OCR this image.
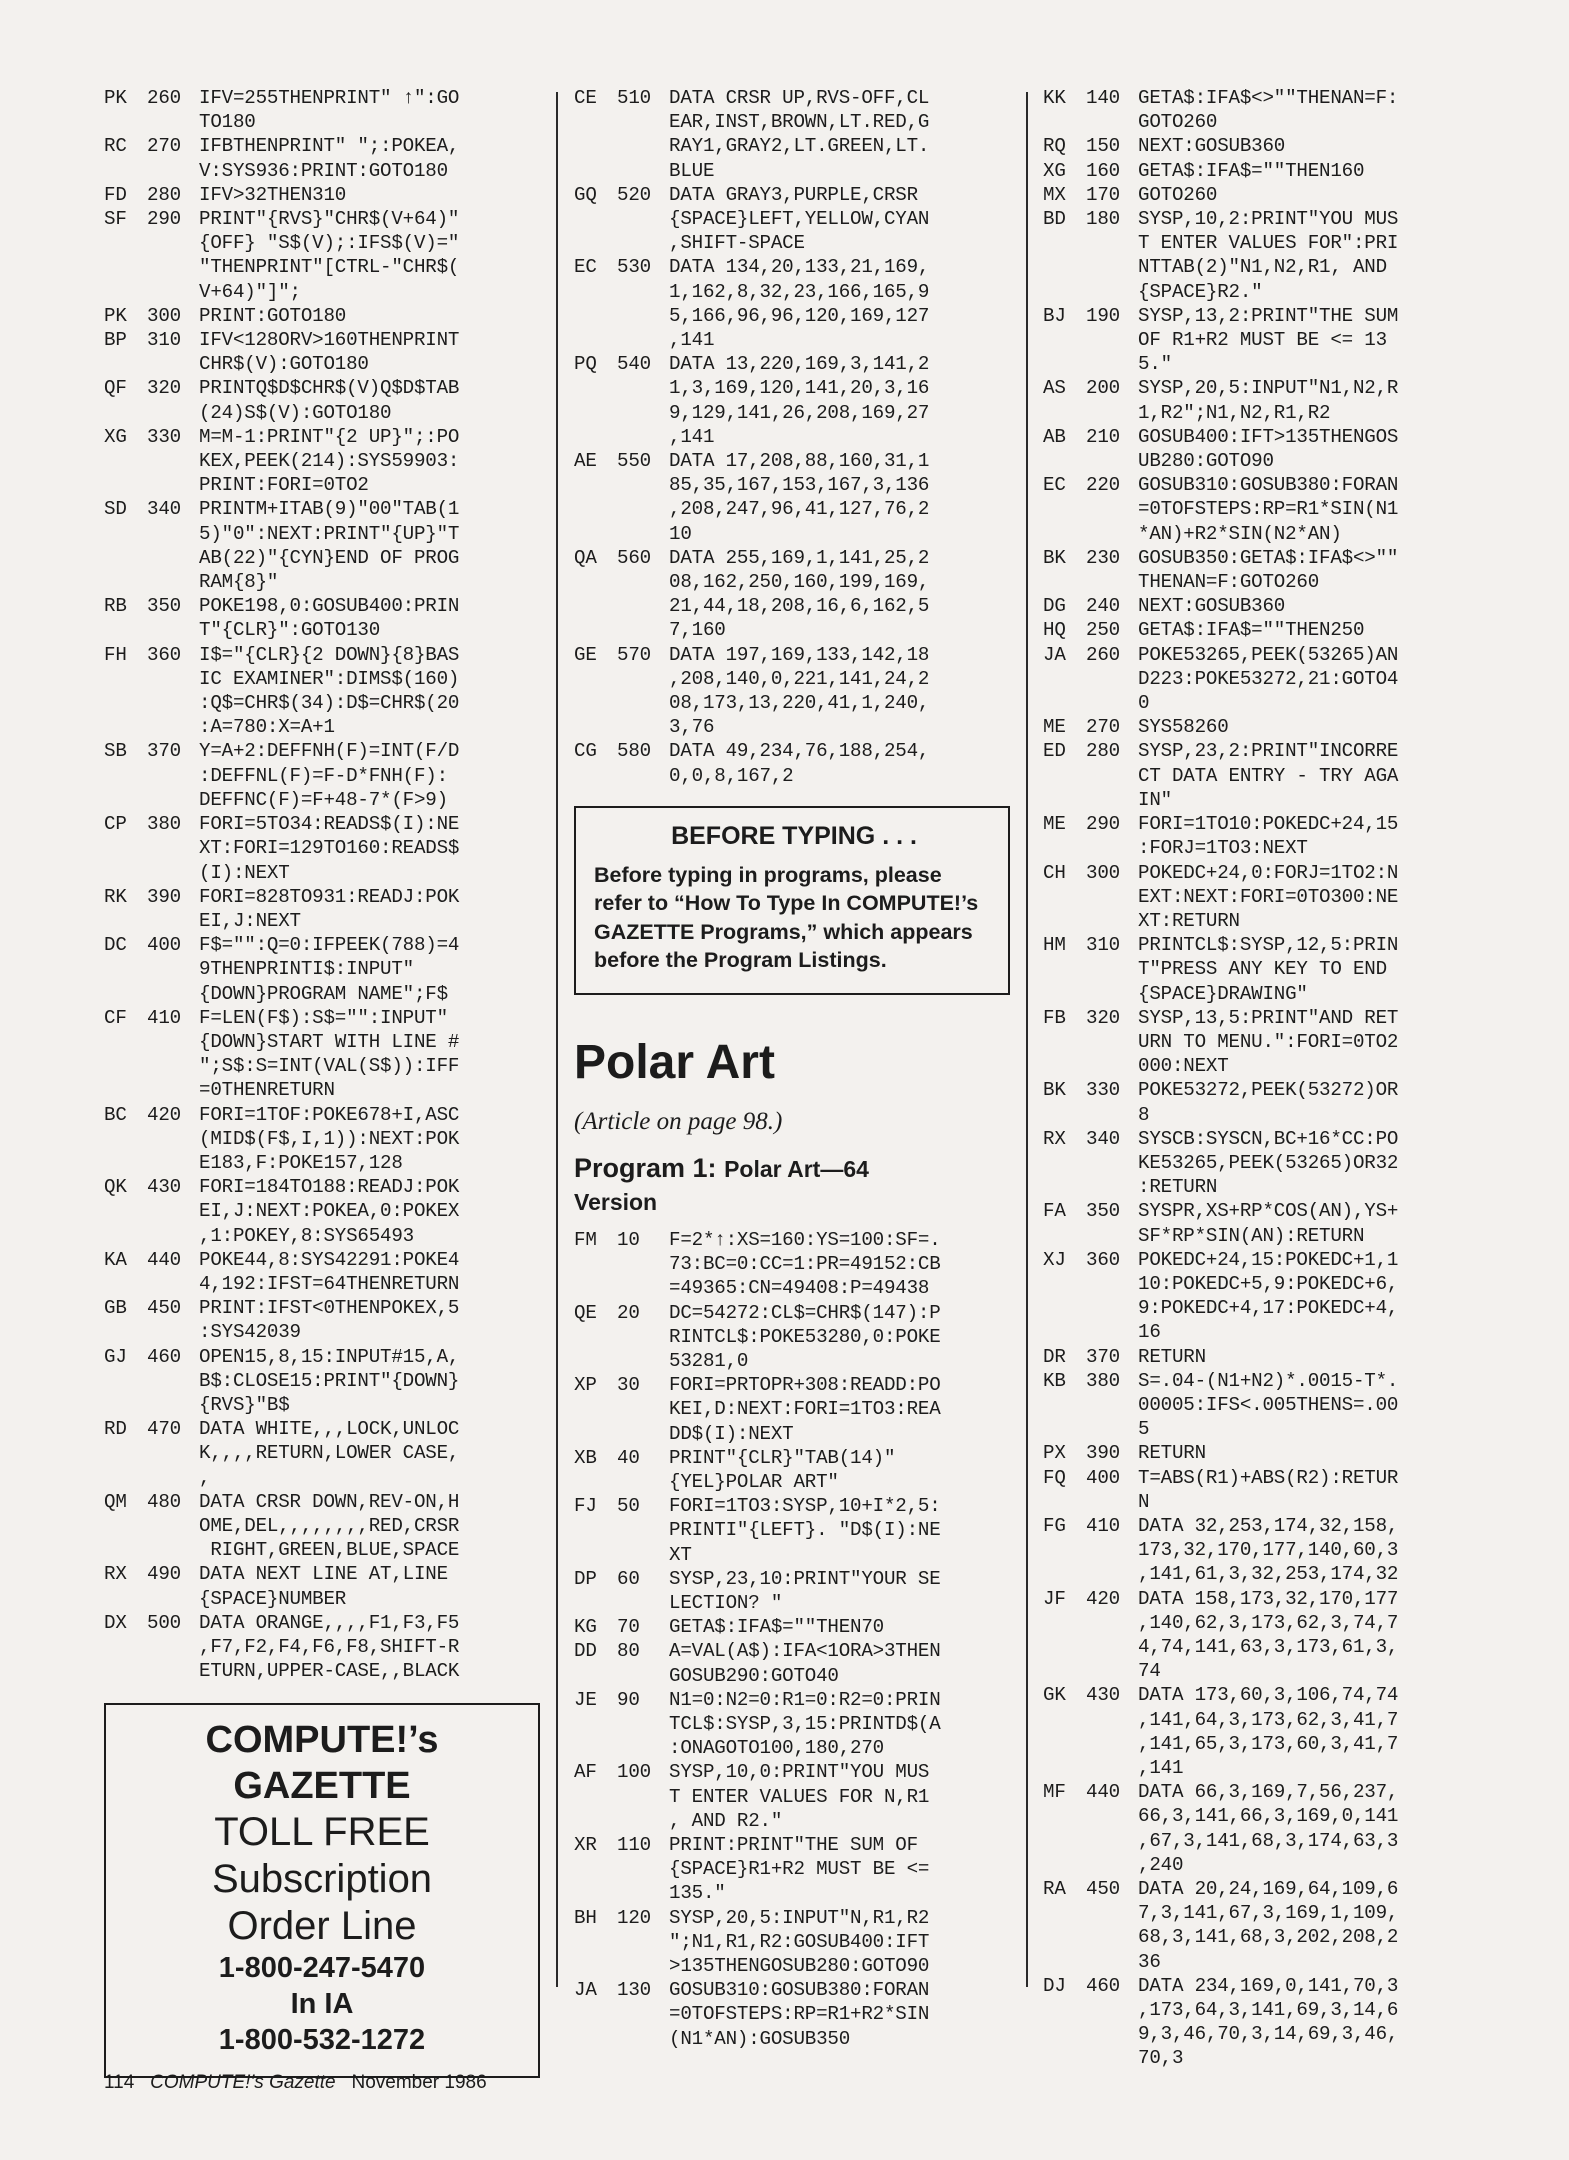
PK	260 IFV=255THENPRINT" ↑":GO
TO180
RC	270 IFBTHENPRINT" ";:POKEA,
V:SYS936:PRINT:GOTO180
FD	280 IFV>32THEN310
SF	290 PRINT"{RVS}"CHR$(V+64)"
{OFF} "S$(V);:IFS$(V)="
"THENPRINT"[CTRL-"CHR$(
V+64)"]";
PK	300 PRINT:GOTO180
BP	310 IFV<128ORV>160THENPRINT
CHR$(V):GOTO180
QF	320 PRINTQ$D$CHR$(V)Q$D$TAB
(24)S$(V):GOTO180
XG	330 M=M-1:PRINT"{2 UP}";:PO
KEX,PEEK(214):SYS59903:
PRINT:FORI=0TO2
SD	340 PRINTM+ITAB(9)"00"TAB(1
5)"0":NEXT:PRINT"{UP}"T
AB(22)"{CYN}END OF PROG
RAM{8}"
RB	350 POKE198,0:GOSUB400:PRIN
T"{CLR}":GOTO130
FH	360 I$="{CLR}{2 DOWN}{8}BAS
IC EXAMINER":DIMS$(160)
:Q$=CHR$(34):D$=CHR$(20
:A=780:X=A+1
SB	370 Y=A+2:DEFFNH(F)=INT(F/D
:DEFFNL(F)=F-D*FNH(F):
DEFFNC(F)=F+48-7*(F>9)
CP	380 FORI=5TO34:READS$(I):NE
XT:FORI=129TO160:READS$
(I):NEXT
RK	390 FORI=828TO931:READJ:POK
EI,J:NEXT
DC	400 F$="":Q=0:IFPEEK(788)=4
9THENPRINTI$:INPUT"
{DOWN}PROGRAM NAME";F$
CF	410 F=LEN(F$):S$="":INPUT"
{DOWN}START WITH LINE #
";S$:S=INT(VAL(S$)):IFF
=0THENRETURN
BC	420 FORI=1TOF:POKE678+I,ASC
(MID$(F$,I,1)):NEXT:POK
E183,F:POKE157,128
QK	430 FORI=184TO188:READJ:POK
EI,J:NEXT:POKEA,0:POKEX
,1:POKEY,8:SYS65493
KA	440 POKE44,8:SYS42291:POKE4
4,192:IFST=64THENRETURN
GB	450 PRINT:IFST<0THENPOKEX,5
:SYS42039
GJ	460 OPEN15,8,15:INPUT#15,A,
B$:CLOSE15:PRINT"{DOWN}
{RVS}"B$
RD	470 DATA WHITE,,,LOCK,UNLOC
K,,,,RETURN,LOWER CASE,
,
QM	480 DATA CRSR DOWN,REV-ON,H
OME,DEL,,,,,,,,RED,CRSR
RIGHT,GREEN,BLUE,SPACE
RX	490 DATA NEXT LINE AT,LINE
{SPACE}NUMBER
DX	500 DATA ORANGE,,,,F1,F3,F5
,F7,F2,F4,F6,F8,SHIFT-R
ETURN,UPPER-CASE,,BLACK
COMPUTE!’s
GAZETTE
TOLL FREE
Subscription
Order Line
1-800-247-5470
In IA
1-800-532-1272
CE	510 DATA CRSR UP,RVS-OFF,CL
EAR,INST,BROWN,LT.RED,G
RAY1,GRAY2,LT.GREEN,LT.
BLUE
GQ	520 DATA GRAY3,PURPLE,CRSR
{SPACE}LEFT,YELLOW,CYAN
,SHIFT-SPACE
EC	530 DATA 134,20,133,21,169,
1,162,8,32,23,166,165,9
5,166,96,96,120,169,127
,141
PQ	540 DATA 13,220,169,3,141,2
1,3,169,120,141,20,3,16
9,129,141,26,208,169,27
,141
AE	550 DATA 17,208,88,160,31,1
85,35,167,153,167,3,136
,208,247,96,41,127,76,2
10
QA	560 DATA 255,169,1,141,25,2
08,162,250,160,199,169,
21,44,18,208,16,6,162,5
7,160
GE	570 DATA 197,169,133,142,18
,208,140,0,221,141,24,2
08,173,13,220,41,1,240,
3,76
CG	580 DATA 49,234,76,188,254,
0,0,8,167,2
BEFORE TYPING . . .
Before typing in programs, please refer to “How To Type In COMPUTE!’s GAZETTE Programs,” which appears before the Program Listings.
Polar Art
(Article on page 98.)
Program 1: Polar Art—64
Version
FM	10	F=2*↑:XS=160:YS=100:SF=.
73:BC=0:CC=1:PR=49152:CB
=49365:CN=49408:P=49438
QE	20	DC=54272:CL$=CHR$(147):P
RINTCL$:POKE53280,0:POKE
53281,0
XP	30	FORI=PRTOPR+308:READD:PO
KEI,D:NEXT:FORI=1TO3:REA
DD$(I):NEXT
XB	40	PRINT"{CLR}"TAB(14)"
{YEL}POLAR ART"
FJ	50	FORI=1TO3:SYSP,10+I*2,5:
PRINTI"{LEFT}. "D$(I):NE
XT
DP	60	SYSP,23,10:PRINT"YOUR SE
LECTION? "
KG	70	GETA$:IFA$=""THEN70
DD	80	A=VAL(A$):IFA<1ORA>3THEN
GOSUB290:GOTO40
JE	90	N1=0:N2=0:R1=0:R2=0:PRIN
TCL$:SYSP,3,15:PRINTD$(A
:ONAGOTO100,180,270
AF	100 SYSP,10,0:PRINT"YOU MUS
T ENTER VALUES FOR N,R1
, AND R2."
XR	110 PRINT:PRINT"THE SUM OF
{SPACE}R1+R2 MUST BE <=
135."
BH	120 SYSP,20,5:INPUT"N,R1,R2
";N1,R1,R2:GOSUB400:IFT
>135THENGOSUB280:GOTO90
JA	130 GOSUB310:GOSUB380:FORAN
=0TOFSTEPS:RP=R1+R2*SIN
(N1*AN):GOSUB350
KK	140 GETA$:IFA$<>""THENAN=F:
GOTO260
RQ	150 NEXT:GOSUB360
XG	160 GETA$:IFA$=""THEN160
MX	170 GOTO260
BD	180 SYSP,10,2:PRINT"YOU MUS
T ENTER VALUES FOR":PRI
NTTAB(2)"N1,N2,R1, AND
{SPACE}R2."
BJ	190 SYSP,13,2:PRINT"THE SUM
OF R1+R2 MUST BE <= 13
5."
AS	200 SYSP,20,5:INPUT"N1,N2,R
1,R2";N1,N2,R1,R2
AB	210 GOSUB400:IFT>135THENGOS
UB280:GOTO90
EC	220 GOSUB310:GOSUB380:FORAN
=0TOFSTEPS:RP=R1*SIN(N1
*AN)+R2*SIN(N2*AN)
BK	230 GOSUB350:GETA$:IFA$<>""
THENAN=F:GOTO260
DG	240 NEXT:GOSUB360
HQ	250 GETA$:IFA$=""THEN250
JA	260 POKE53265,PEEK(53265)AN
D223:POKE53272,21:GOTO4
0
ME	270 SYS58260
ED	280 SYSP,23,2:PRINT"INCORRE
CT DATA ENTRY - TRY AGA
IN"
ME	290 FORI=1TO10:POKEDC+24,15
:FORJ=1TO3:NEXT
CH	300 POKEDC+24,0:FORJ=1TO2:N
EXT:NEXT:FORI=0TO300:NE
XT:RETURN
HM	310 PRINTCL$:SYSP,12,5:PRIN
T"PRESS ANY KEY TO END
{SPACE}DRAWING"
FB	320 SYSP,13,5:PRINT"AND RET
URN TO MENU.":FORI=0TO2
000:NEXT
BK	330 POKE53272,PEEK(53272)OR
8
RX	340 SYSCB:SYSCN,BC+16*CC:PO
KE53265,PEEK(53265)OR32
:RETURN
FA	350 SYSPR,XS+RP*COS(AN),YS+
SF*RP*SIN(AN):RETURN
XJ	360 POKEDC+24,15:POKEDC+1,1
10:POKEDC+5,9:POKEDC+6,
9:POKEDC+4,17:POKEDC+4,
16
DR	370 RETURN
KB	380 S=.04-(N1+N2)*.0015-T*.
00005:IFS<.005THENS=.00
5
PX	390 RETURN
FQ	400 T=ABS(R1)+ABS(R2):RETUR
N
FG	410 DATA 32,253,174,32,158,
173,32,170,177,140,60,3
,141,61,3,32,253,174,32
JF	420 DATA 158,173,32,170,177
,140,62,3,173,62,3,74,7
4,74,141,63,3,173,61,3,
74
GK	430 DATA 173,60,3,106,74,74
,141,64,3,173,62,3,41,7
,141,65,3,173,60,3,41,7
,141
MF	440 DATA 66,3,169,7,56,237,
66,3,141,66,3,169,0,141
,67,3,141,68,3,174,63,3
,240
RA	450 DATA 20,24,169,64,109,6
7,3,141,67,3,169,1,109,
68,3,141,68,3,202,208,2
36
DJ	460 DATA 234,169,0,141,70,3
,173,64,3,141,69,3,14,6
9,3,46,70,3,14,69,3,46,
70,3
114 COMPUTE!’s Gazette November 1986
